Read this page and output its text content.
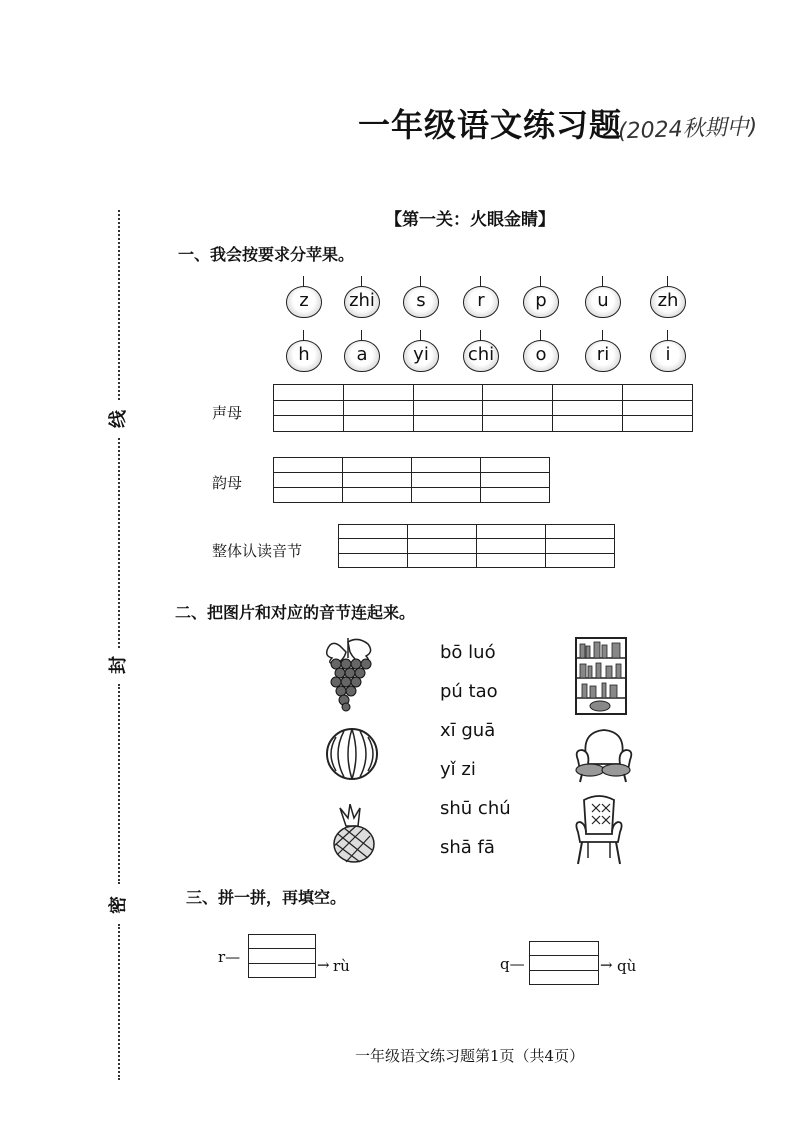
一年级语文练习题
(2024秋期中)
线
封
密
【第一关：火眼金睛】
一、我会按要求分苹果。
z	zhi	s	r	p	u	zh
h	a	yi	chi	o	ri	i
声母

韵母

整体认读音节

二、把图片和对应的音节连起来。
bō luó
pú tao
xī guā
yǐ zi
shū chú
shā fā
三、拼一拼，再填空。
r—	→ rù	q—	→ qù
一年级语文练习题第1页（共4页）
